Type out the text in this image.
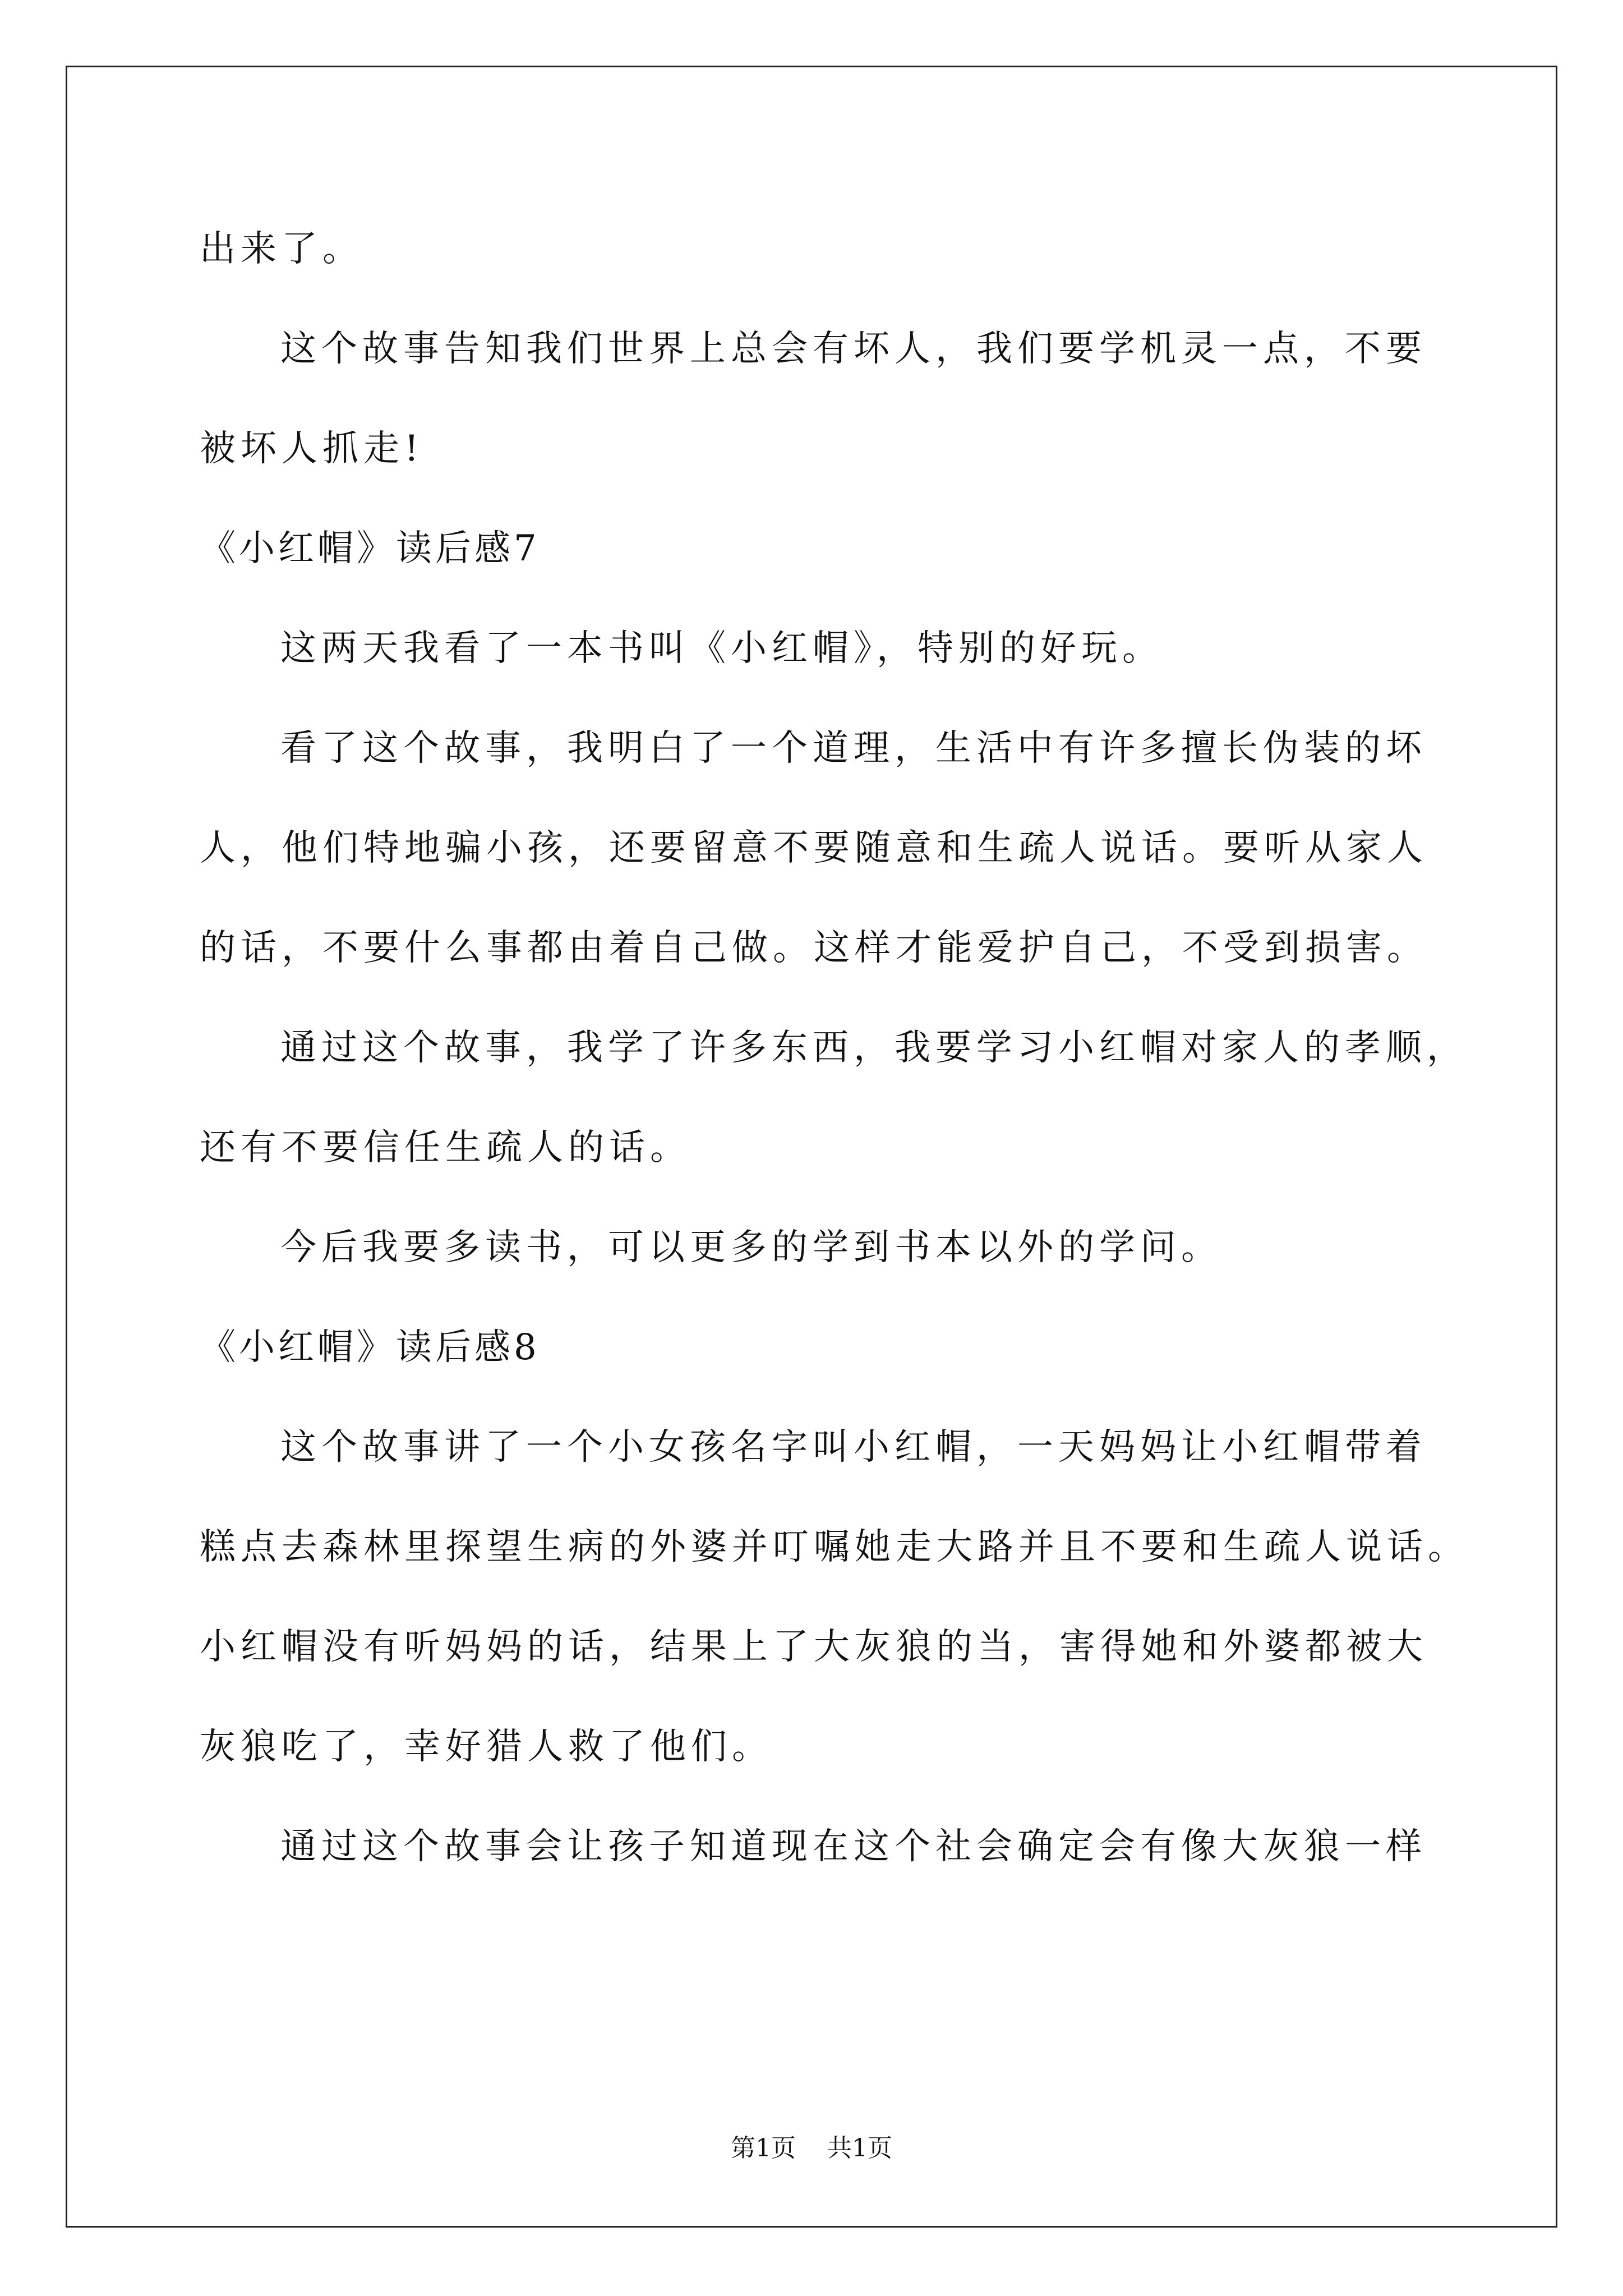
出来了。
这个故事告知我们世界上总会有坏人，我们要学机灵一点，不要
被坏人抓走!
《小红帽》读后感7
这两天我看了一本书叫《小红帽》，特别的好玩。
看了这个故事，我明白了一个道理，生活中有许多擅长伪装的坏
人，他们特地骗小孩，还要留意不要随意和生疏人说话。要听从家人
的话，不要什么事都由着自己做。这样才能爱护自己，不受到损害。
通过这个故事，我学了许多东西，我要学习小红帽对家人的孝顺，
还有不要信任生疏人的话。
今后我要多读书，可以更多的学到书本以外的学问。
《小红帽》读后感8
这个故事讲了一个小女孩名字叫小红帽，一天妈妈让小红帽带着
糕点去森林里探望生病的外婆并叮嘱她走大路并且不要和生疏人说话。
小红帽没有听妈妈的话，结果上了大灰狼的当，害得她和外婆都被大
灰狼吃了，幸好猎人救了他们。
通过这个故事会让孩子知道现在这个社会确定会有像大灰狼一样
第1页    共1页
